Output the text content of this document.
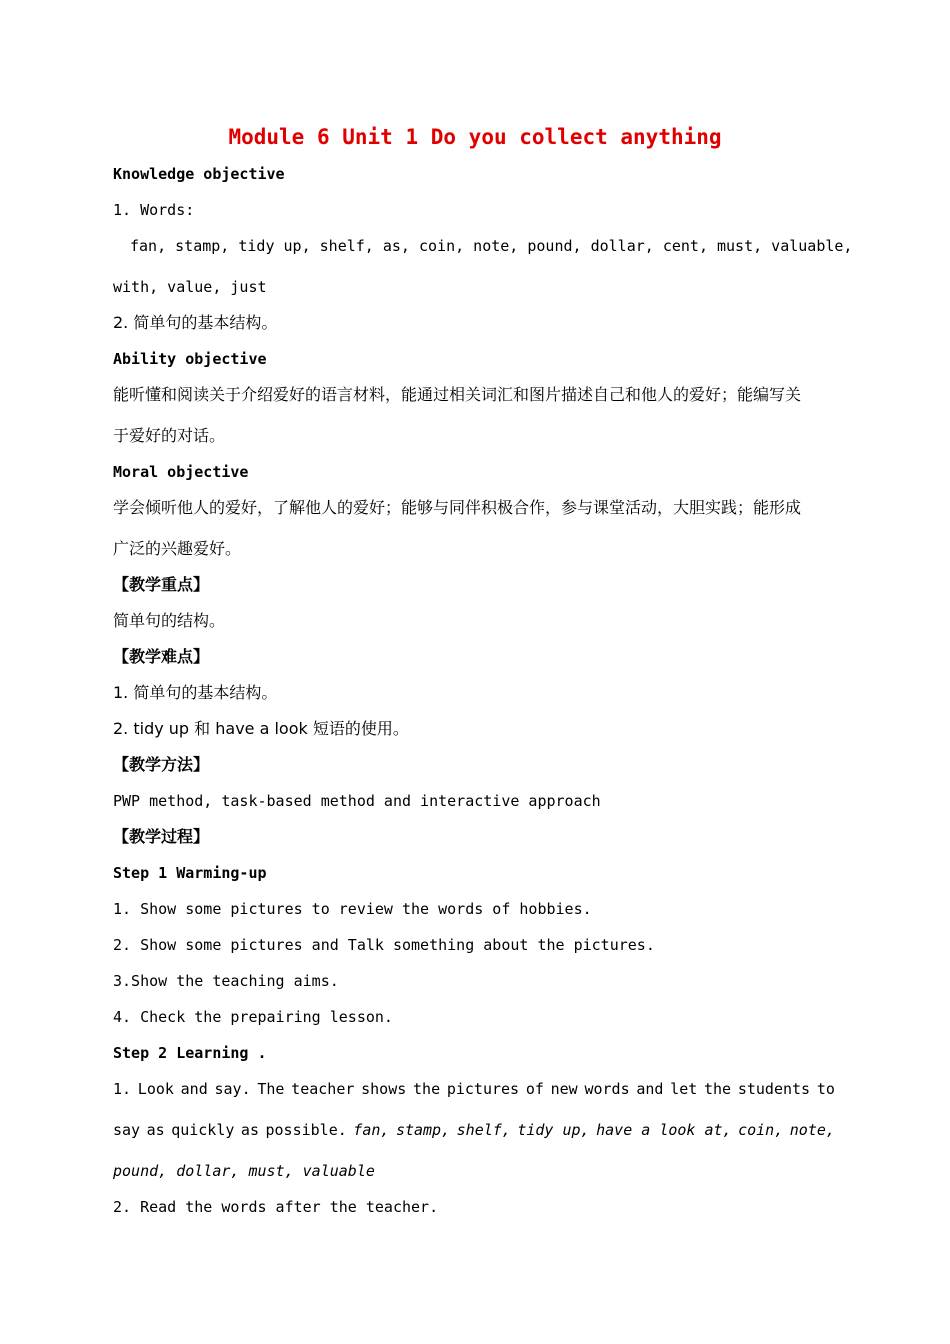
Module 6 Unit 1 Do you collect anything
Knowledge objective
1. Words:
fan, stamp, tidy up, shelf, as, coin, note, pound, dollar, cent, must, valuable,
with, value, just
2. 简单句的基本结构。
Ability objective
能听懂和阅读关于介绍爱好的语言材料，能通过相关词汇和图片描述自己和他人的爱好；能编写关
于爱好的对话。
Moral objective
学会倾听他人的爱好，了解他人的爱好；能够与同伴积极合作，参与课堂活动，大胆实践；能形成
广泛的兴趣爱好。
【教学重点】
简单句的结构。
【教学难点】
1. 简单句的基本结构。
2. tidy up 和 have a look 短语的使用。
【教学方法】
PWP method, task-based method and interactive approach
【教学过程】
Step 1 Warming-up
1. Show some pictures to review the words of hobbies.
2. Show some pictures and Talk something about the pictures.
3.Show the teaching aims.
4. Check the prepairing lesson.
Step 2 Learning .
1. Look and say. The teacher shows the pictures of new words and let the students to
say as quickly as possible. fan, stamp, shelf, tidy up, have a look at, coin, note,
pound, dollar, must, valuable
2. Read the words after the teacher.
